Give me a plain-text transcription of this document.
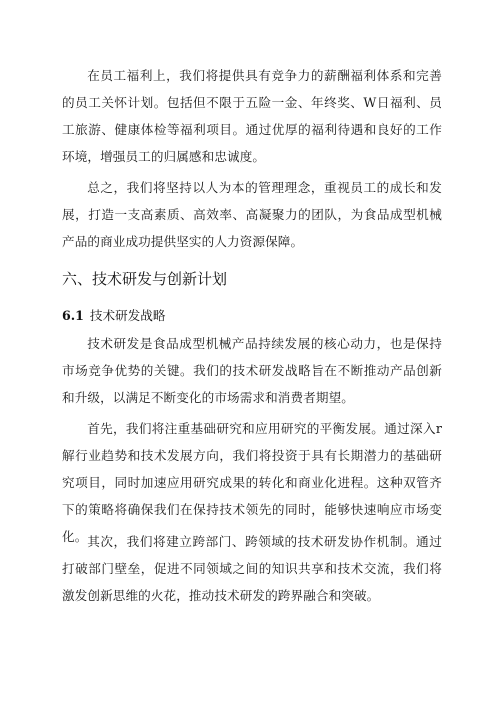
在员工福利上，我们将提供具有竞争力的薪酬福利体系和完善的员工关怀计划。包括但不限于五险一金、年终奖、W日福利、员工旅游、健康体检等福利项目。通过优厚的福利待遇和良好的工作环境，增强员工的归属感和忠诚度。

总之，我们将坚持以人为本的管理理念，重视员工的成长和发展，打造一支高素质、高效率、高凝聚力的团队，为食品成型机械产品的商业成功提供坚实的人力资源保障。

六、技术研发与创新计划
6.1 技术研发战略

技术研发是食品成型机械产品持续发展的核心动力，也是保持市场竞争优势的关键。我们的技术研发战略旨在不断推动产品创新和升级，以满足不断变化的市场需求和消费者期望。

首先，我们将注重基础研究和应用研究的平衡发展。通过深入r解行业趋势和技术发展方向，我们将投资于具有长期潜力的基础研究项目，同时加速应用研究成果的转化和商业化进程。这种双管齐下的策略将确保我们在保持技术领先的同时，能够快速响应市场变化。 其次，我们将建立跨部门、跨领域的技术研发协作机制。通过打破部门壁垒，促进不同领域之间的知识共享和技术交流，我们将激发创新思维的火花，推动技术研发的跨界融合和突破。
